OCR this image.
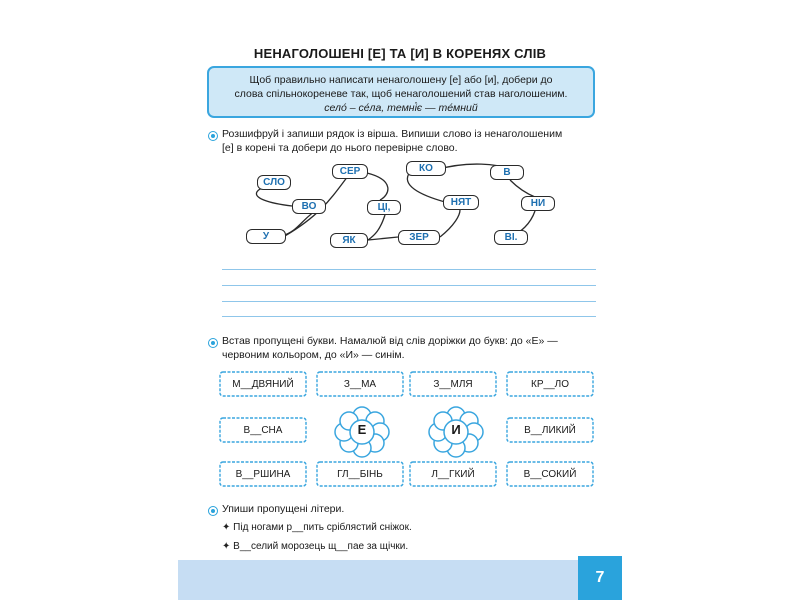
НЕНАГОЛОШЕНІ [Е] ТА [И] В КОРЕНЯХ СЛІВ
Щоб правильно написати ненаголошену [е] або [и], добери до
слова спільнокореневе так, щоб ненаголошений став наголошеним.
село́ – се́ла, темні́є — те́мний
Розшифруй і запиши рядок із вірша. Випиши слово із ненаголошеним
[е] в корені та добери до нього перевірне слово.
СЛО
ВО
У
СЕР
ЦІ,
ЯК
КО
НЯТ
ЗЕР
В
НИ
ВІ.
Встав пропущені букви. Намалюй від слів доріжки до букв: до «Е» —
червоним кольором, до «И» — синім.
М__ДВЯНИЙ	З__МА	З__МЛЯ	КР__ЛО
В__СНА	В__ЛИКИЙ
В__РШИНА	ГЛ__БІНЬ	Л__ГКИЙ	В__СОКИЙ
Е	И
Упиши пропущені літери.
✦ Під ногами р__пить сріблястий сніжок.
✦ В__селий морозець щ__пае за щічки.
7
